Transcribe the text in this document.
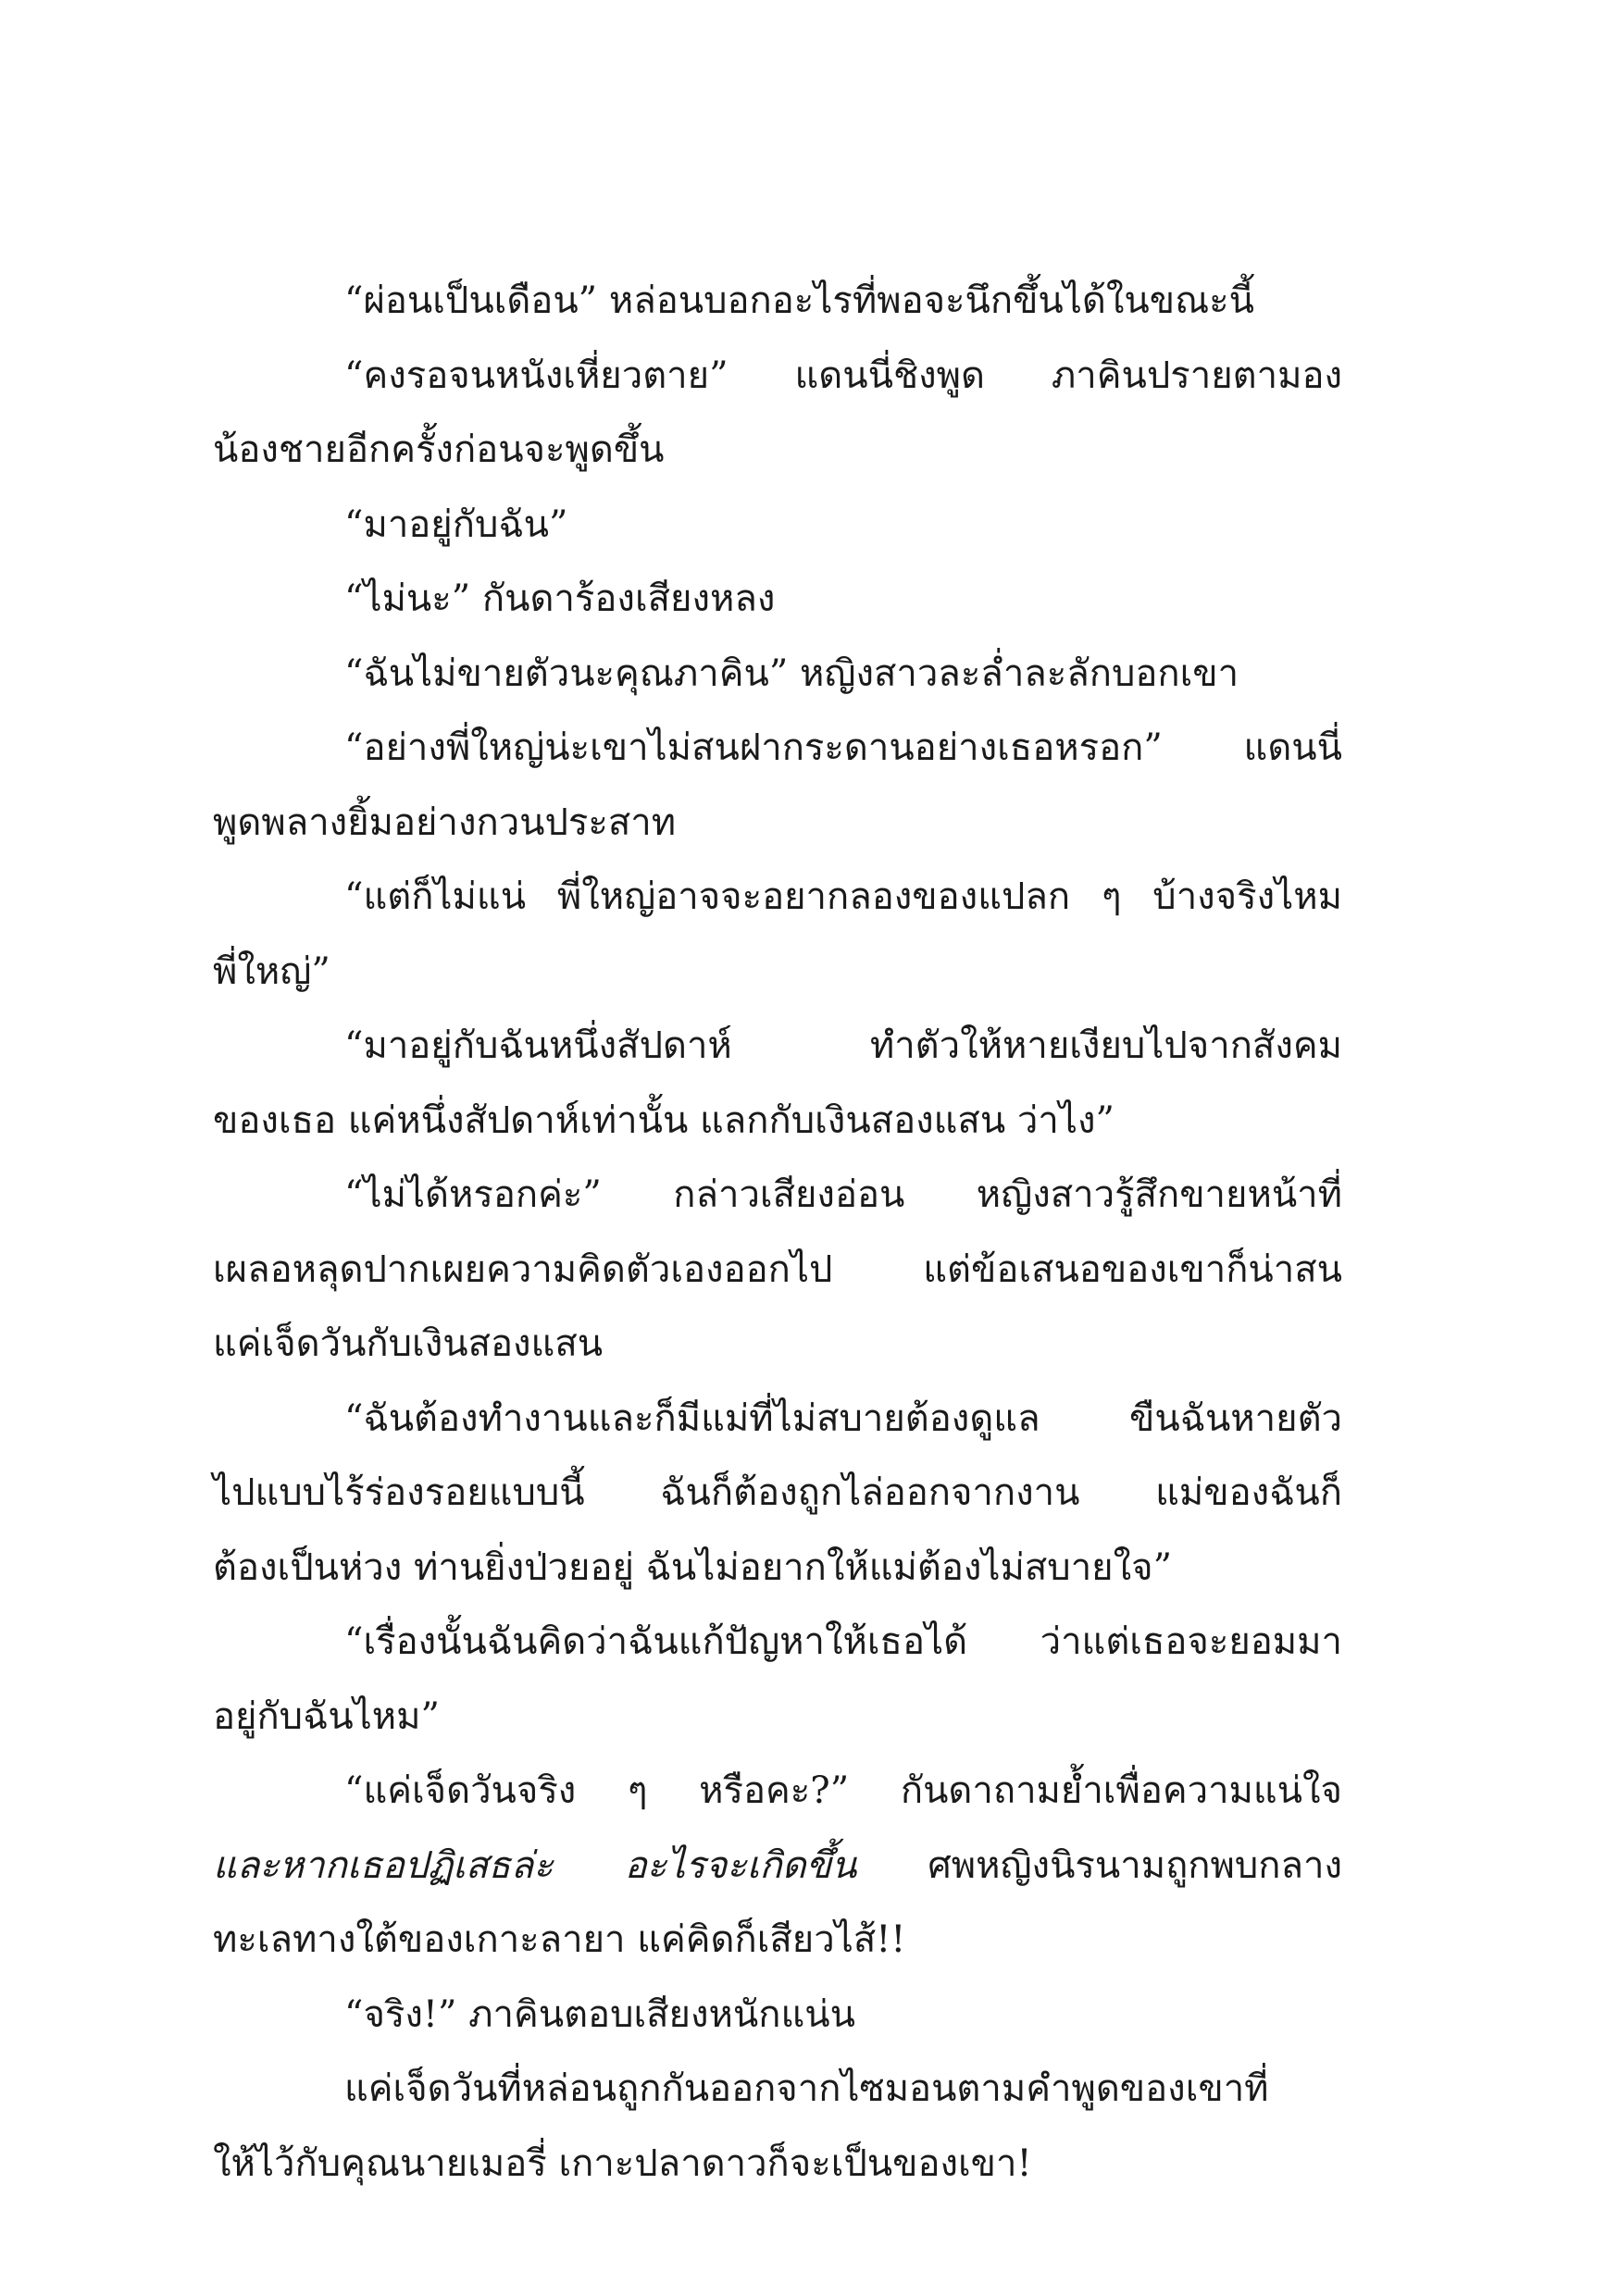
“ผ่อนเป็นเดือน” หล่อนบอกอะไรที่พอจะนึกขึ้นได้ในขณะนี้

“คงรอจนหนังเหี่ยวตาย” แดนนี่ชิงพูด ภาคินปรายตามอง
น้องชายอีกครั้งก่อนจะพูดขึ้น

“มาอยู่กับฉัน”

“ไม่นะ” กันดาร้องเสียงหลง

“ฉันไม่ขายตัวนะคุณภาคิน” หญิงสาวละล่ำละลักบอกเขา

“อย่างพี่ใหญ่น่ะเขาไม่สนฝากระดานอย่างเธอหรอก” แดนนี่
พูดพลางยิ้มอย่างกวนประสาท

“แต่ก็ไม่แน่ พี่ใหญ่อาจจะอยากลองของแปลก ๆ บ้างจริงไหม
พี่ใหญ่”

“มาอยู่กับฉันหนึ่งสัปดาห์ ทำตัวให้หายเงียบไปจากสังคม
ของเธอ แค่หนึ่งสัปดาห์เท่านั้น แลกกับเงินสองแสน ว่าไง”

“ไม่ได้หรอกค่ะ” กล่าวเสียงอ่อน หญิงสาวรู้สึกขายหน้าที่
เผลอหลุดปากเผยความคิดตัวเองออกไป แต่ข้อเสนอของเขาก็น่าสน
แค่เจ็ดวันกับเงินสองแสน

“ฉันต้องทำงานและก็มีแม่ที่ไม่สบายต้องดูแล ขืนฉันหายตัว
ไปแบบไร้ร่องรอยแบบนี้ ฉันก็ต้องถูกไล่ออกจากงาน แม่ของฉันก็
ต้องเป็นห่วง ท่านยิ่งป่วยอยู่ ฉันไม่อยากให้แม่ต้องไม่สบายใจ”

“เรื่องนั้นฉันคิดว่าฉันแก้ปัญหาให้เธอได้ ว่าแต่เธอจะยอมมา
อยู่กับฉันไหม”

“แค่เจ็ดวันจริง ๆ หรือคะ?” กันดาถามย้ำเพื่อความแน่ใจ
และหากเธอปฏิเสธล่ะ อะไรจะเกิดขึ้น ศพหญิงนิรนามถูกพบกลาง
ทะเลทางใต้ของเกาะลายา แค่คิดก็เสียวไส้!!

“จริง!” ภาคินตอบเสียงหนักแน่น

แค่เจ็ดวันที่หล่อนถูกกันออกจากไซมอนตามคำพูดของเขาที่
ให้ไว้กับคุณนายเมอรี่ เกาะปลาดาวก็จะเป็นของเขา!
